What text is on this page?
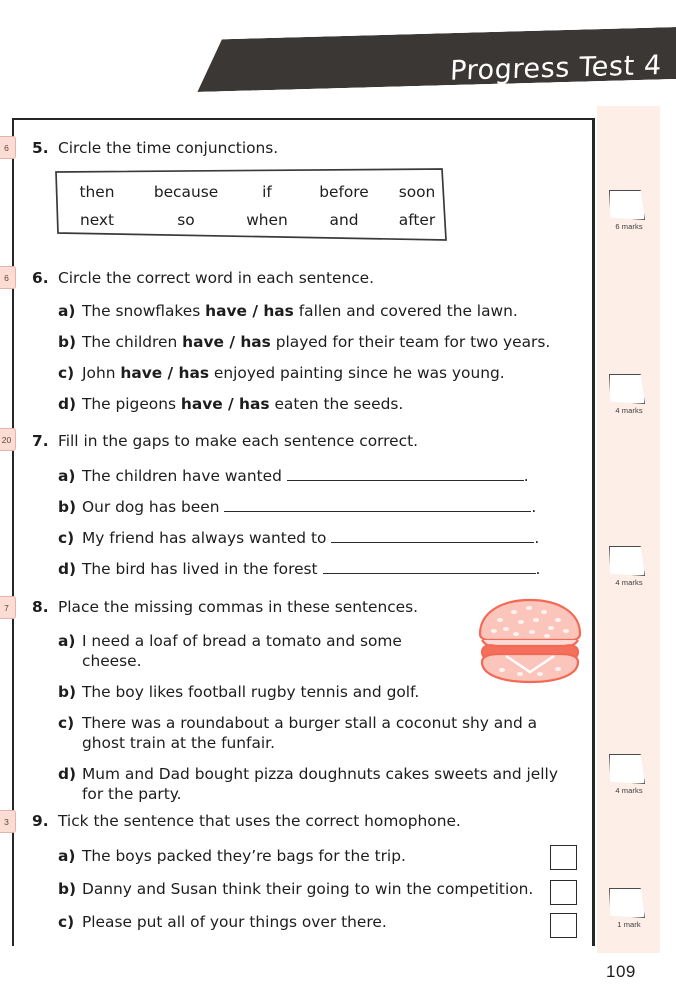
Progress Test 4
6 marks
4 marks
4 marks
4 marks
1 mark
109
6
6
20
7
3
5. Circle the time conjunctions.
then	because	if	before	soon
next	so	when	and	after
6. Circle the correct word in each sentence.
a) The snowflakes have / has fallen and covered the lawn.
b) The children have / has played for their team for two years.
c) John have / has enjoyed painting since he was young.
d) The pigeons have / has eaten the seeds.
7. Fill in the gaps to make each sentence correct.
a) The children have wanted	.
b) Our dog has been	.
c) My friend has always wanted to	.
d) The bird has lived in the forest	.
8. Place the missing commas in these sentences.
a) I need a loaf of bread a tomato and some cheese.
b) The boy likes football rugby tennis and golf.
c) There was a roundabout a burger stall a coconut shy and a ghost train at the funfair.
d) Mum and Dad bought pizza doughnuts cakes sweets and jelly for the party.
9. Tick the sentence that uses the correct homophone.
a) The boys packed they’re bags for the trip.
b) Danny and Susan think their going to win the competition.
c) Please put all of your things over there.
